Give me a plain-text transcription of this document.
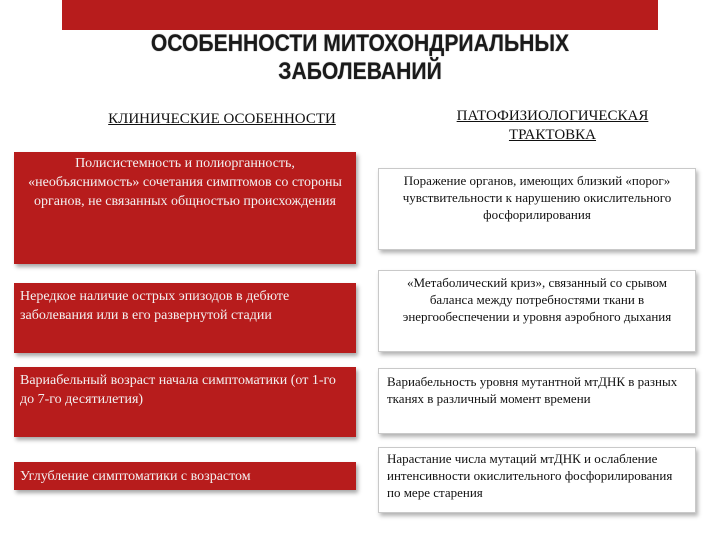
ОСОБЕННОСТИ МИТОХОНДРИАЛЬНЫХ
ЗАБОЛЕВАНИЙ
КЛИНИЧЕСКИЕ ОСОБЕННОСТИ	ПАТОФИЗИОЛОГИЧЕСКАЯ
ТРАКТОВКА
Полисистемность и полиорганность, «необъяснимость» сочетания симптомов со стороны органов, не связанных общностью происхождения
Нередкое наличие острых эпизодов в дебюте заболевания или в его развернутой стадии
Вариабельный возраст начала симптоматики (от 1-го до 7-го десятилетия)
Углубление симптоматики с возрастом
Поражение органов, имеющих близкий «порог» чувствительности к нарушению окислительного фосфорилирования
«Метаболический криз», связанный со срывом баланса между потребностями ткани в энергообеспечении и уровня аэробного дыхания
Вариабельность уровня мутантной мтДНК в разных тканях в различный момент времени
Нарастание числа мутаций мтДНК и ослабление интенсивности окислительного фосфорилирования по мере старения
